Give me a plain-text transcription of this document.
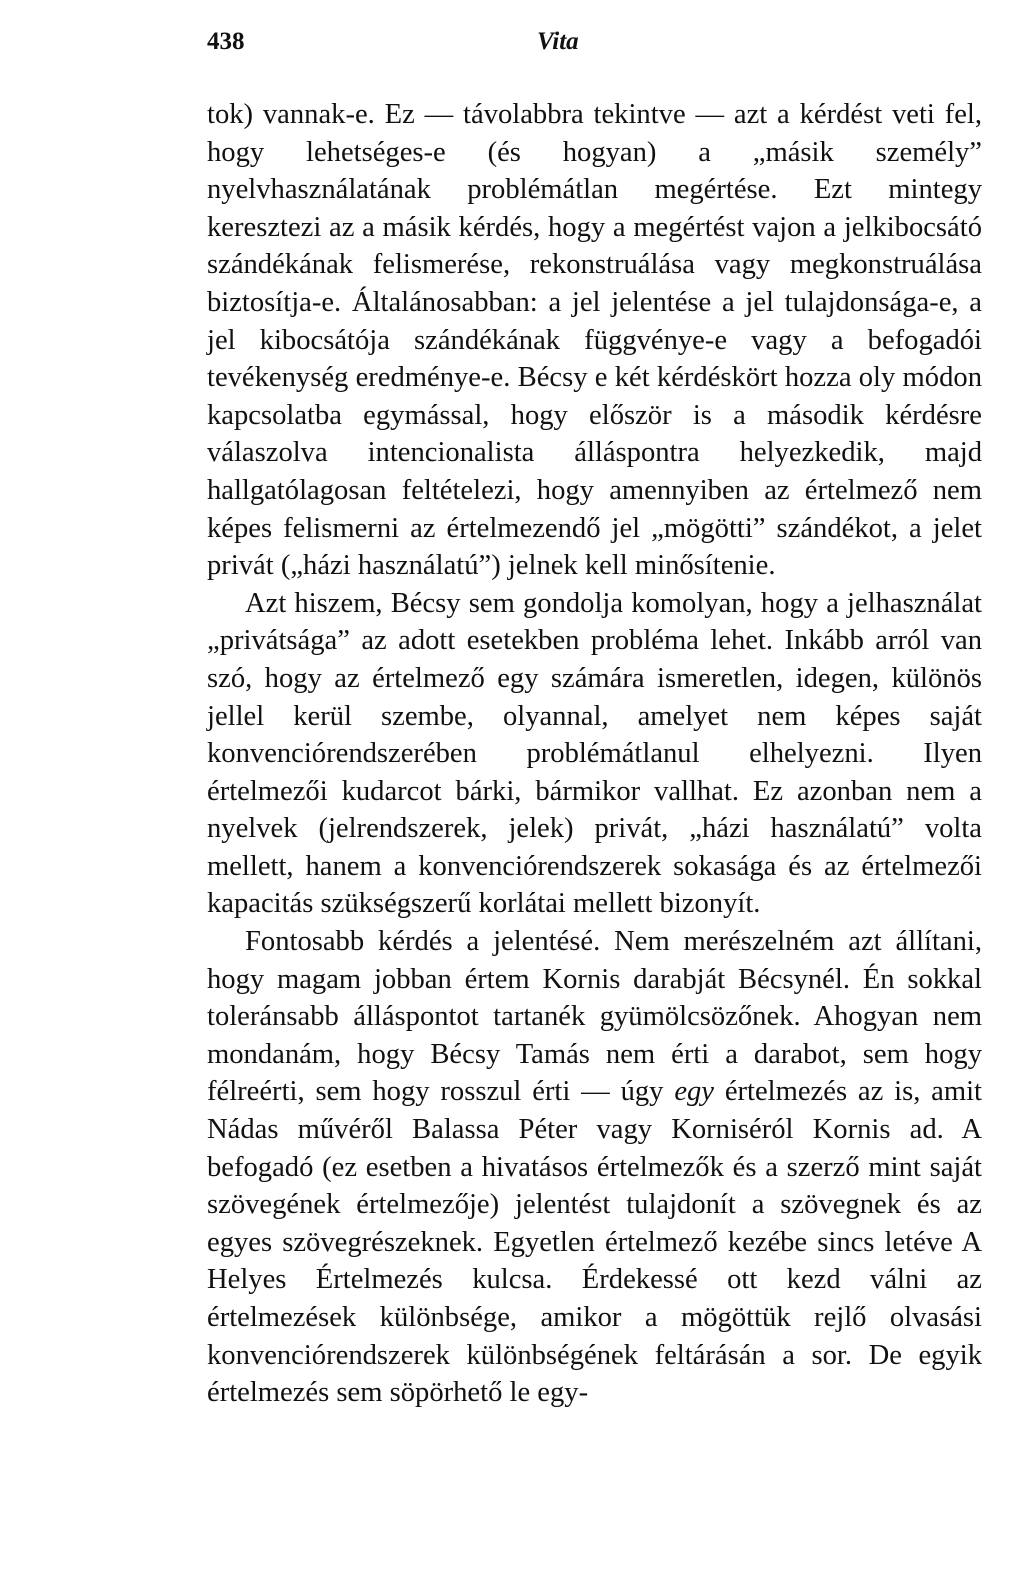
438	Vita

tok) vannak-e. Ez — távolabbra tekintve — azt a kérdést veti fel, hogy lehetséges-e (és hogyan) a „másik személy” nyelvhasználatának problémátlan megértése. Ezt mintegy keresztezi az a másik kérdés, hogy a megértést vajon a jelkibocsátó szándékának felismerése, rekonstruálása vagy megkonstruálása biztosítja-e. Általánosabban: a jel jelentése a jel tulajdonsága-e, a jel kibocsátója szándékának függvénye-e vagy a befogadói tevékenység eredménye-e. Bécsy e két kérdéskört hozza oly módon kapcsolatba egymással, hogy először is a második kérdésre válaszolva intencionalista álláspontra helyezkedik, majd hallgatólagosan feltételezi, hogy amennyiben az értelmező nem képes felismerni az értelmezendő jel „mögötti” szándékot, a jelet privát („házi használatú”) jelnek kell minősítenie.

Azt hiszem, Bécsy sem gondolja komolyan, hogy a jelhasználat „privátsága” az adott esetekben probléma lehet. Inkább arról van szó, hogy az értelmező egy számára ismeretlen, idegen, különös jellel kerül szembe, olyannal, amelyet nem képes saját konvenciórendszerében problémátlanul elhelyezni. Ilyen értelmezői kudarcot bárki, bármikor vallhat. Ez azonban nem a nyelvek (jelrendszerek, jelek) privát, „házi használatú” volta mellett, hanem a konvenciórendszerek sokasága és az értelmezői kapacitás szükségszerű korlátai mellett bizonyít.

Fontosabb kérdés a jelentésé. Nem merészelném azt állítani, hogy magam jobban értem Kornis darabját Bécsynél. Én sokkal toleránsabb álláspontot tartanék gyümölcsözőnek. Ahogyan nem mondanám, hogy Bécsy Tamás nem érti a darabot, sem hogy félreérti, sem hogy rosszul érti — úgy egy értelmezés az is, amit Nádas művéről Balassa Péter vagy Korniséról Kornis ad. A befogadó (ez esetben a hivatásos értelmezők és a szerző mint saját szövegének értelmezője) jelentést tulajdonít a szövegnek és az egyes szövegrészeknek. Egyetlen értelmező kezébe sincs letéve A Helyes Értelmezés kulcsa. Érdekessé ott kezd válni az értelmezések különbsége, amikor a mögöttük rejlő olvasási konvenciórendszerek különbségének feltárásán a sor. De egyik értelmezés sem söpörhető le egy-
